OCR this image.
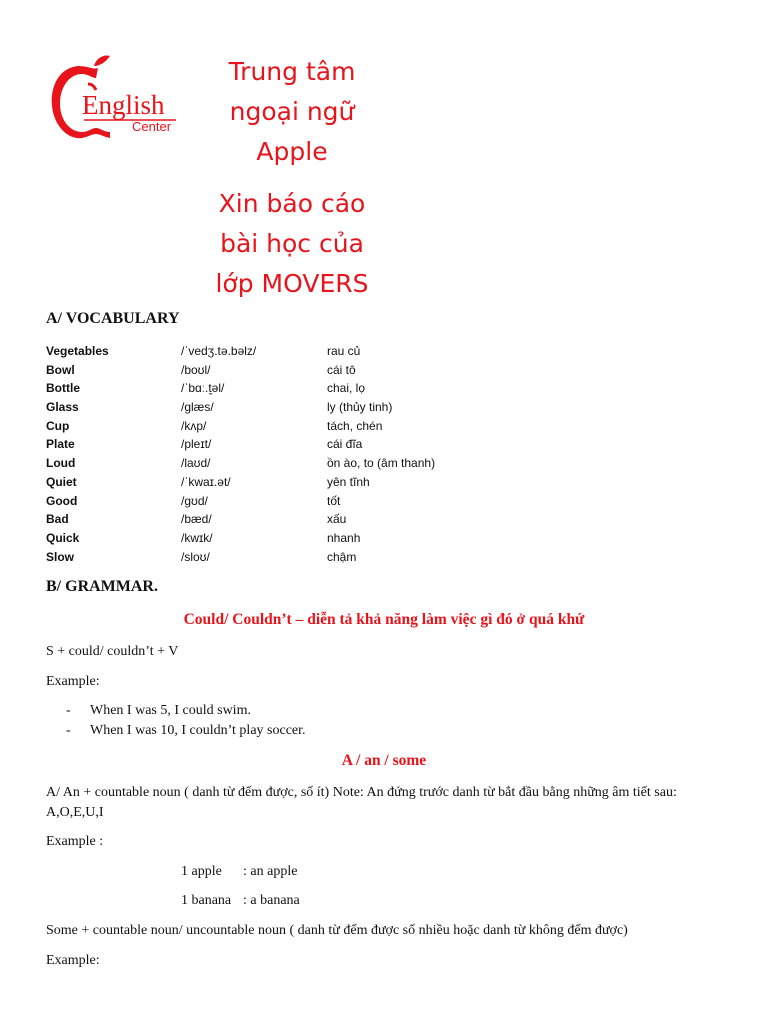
English
Center
Trung tâm
ngoại ngữ
Apple
Xin báo cáo
bài học của
lớp MOVERS
A/ VOCABULARY
Vegetables	/ˈvedʒ.tə.bəlz/	rau củ
Bowl	/boʊl/	cái tô
Bottle	/ˈbɑː.t̬əl/	chai, lọ
Glass	/glæs/	ly (thủy tinh)
Cup	/kʌp/	tách, chén
Plate	/pleɪt/	cái đĩa
Loud	/laʊd/	ồn ào, to (âm thanh)
Quiet	/ˈkwaɪ.ət/	yên tĩnh
Good	/gʊd/	tốt
Bad	/bæd/	xấu
Quick	/kwɪk/	nhanh
Slow	/sloʊ/	chậm
B/ GRAMMAR.
Could/ Couldn’t – diễn tả khả năng làm việc gì đó ở quá khứ
S + could/ couldn’t + V
Example:
- When I was 5, I could swim.
- When I was 10, I couldn’t play soccer.
A / an / some
A/ An + countable noun ( danh từ đếm được, số ít) Note: An đứng trước danh từ bắt đầu bằng những âm tiết sau: A,O,E,U,I
Example :
1 apple : an apple
1 banana : a banana
Some + countable noun/ uncountable noun ( danh từ đếm được số nhiều hoặc danh từ không đếm được)
Example:
